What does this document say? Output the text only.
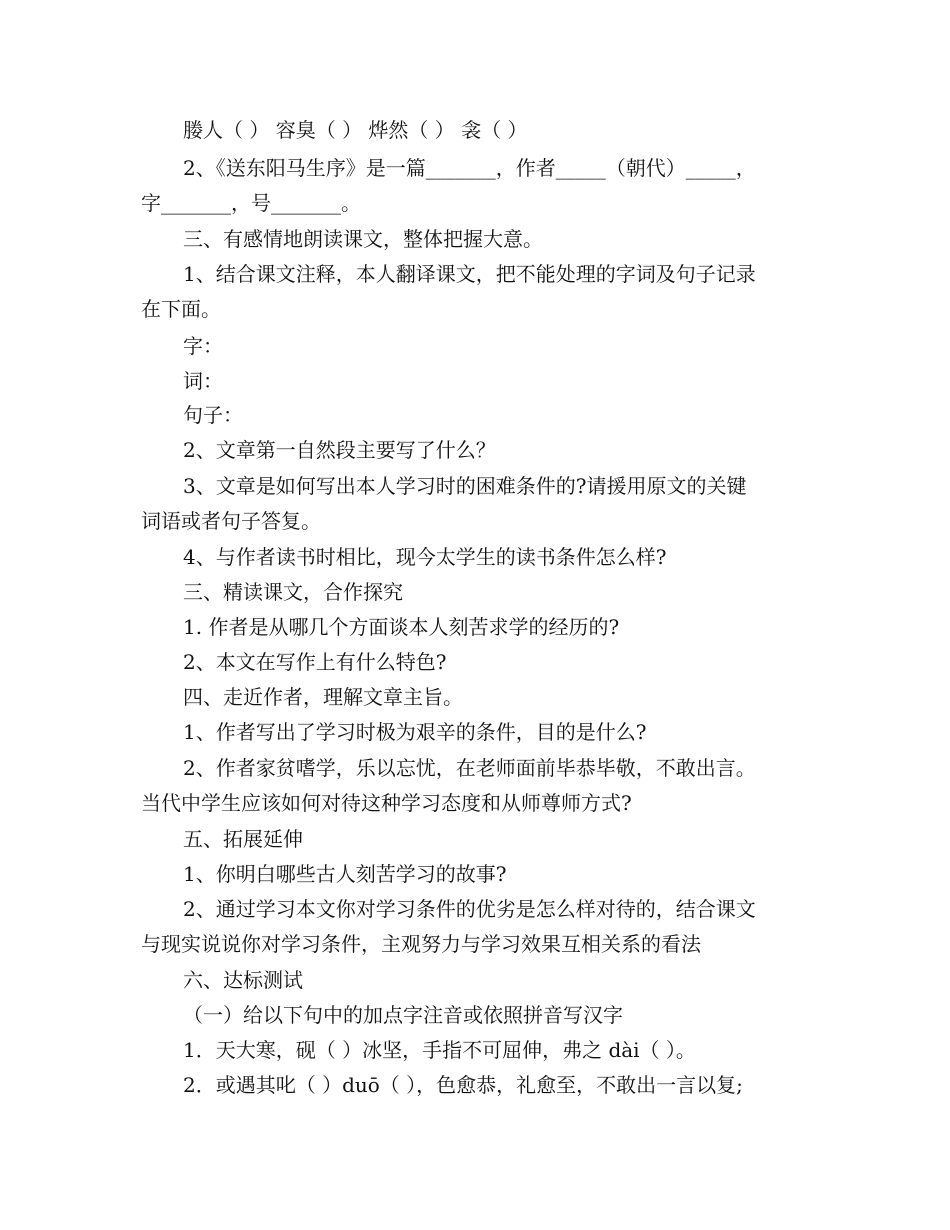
媵人（ ） 容臭（ ） 烨然（ ） 衾（ ）
2、《送东阳马生序》是一篇_______，作者_____（朝代）_____，
字_______，号_______。
三、有感情地朗读课文，整体把握大意。
1、结合课文注释，本人翻译课文，把不能处理的字词及句子记录
在下面。
字：
词：
句子：
2、文章第一自然段主要写了什么？
3、文章是如何写出本人学习时的困难条件的?请援用原文的关键
词语或者句子答复。
4、与作者读书时相比，现今太学生的读书条件怎么样?
三、精读课文，合作探究
1. 作者是从哪几个方面谈本人刻苦求学的经历的?
2、本文在写作上有什么特色?
四、走近作者，理解文章主旨。
1、作者写出了学习时极为艰辛的条件，目的是什么?
2、作者家贫嗜学，乐以忘忧，在老师面前毕恭毕敬，不敢出言。
当代中学生应该如何对待这种学习态度和从师尊师方式?
五、拓展延伸
1、你明白哪些古人刻苦学习的故事?
2、通过学习本文你对学习条件的优劣是怎么样对待的，结合课文
与现实说说你对学习条件，主观努力与学习效果互相关系的看法
六、达标测试
（一）给以下句中的加点字注音或依照拼音写汉字
1．天大寒，砚（ ）冰坚，手指不可屈伸，弗之 dài（ ）。
2．或遇其叱（ ）duō（ ），色愈恭，礼愈至，不敢出一言以复;
